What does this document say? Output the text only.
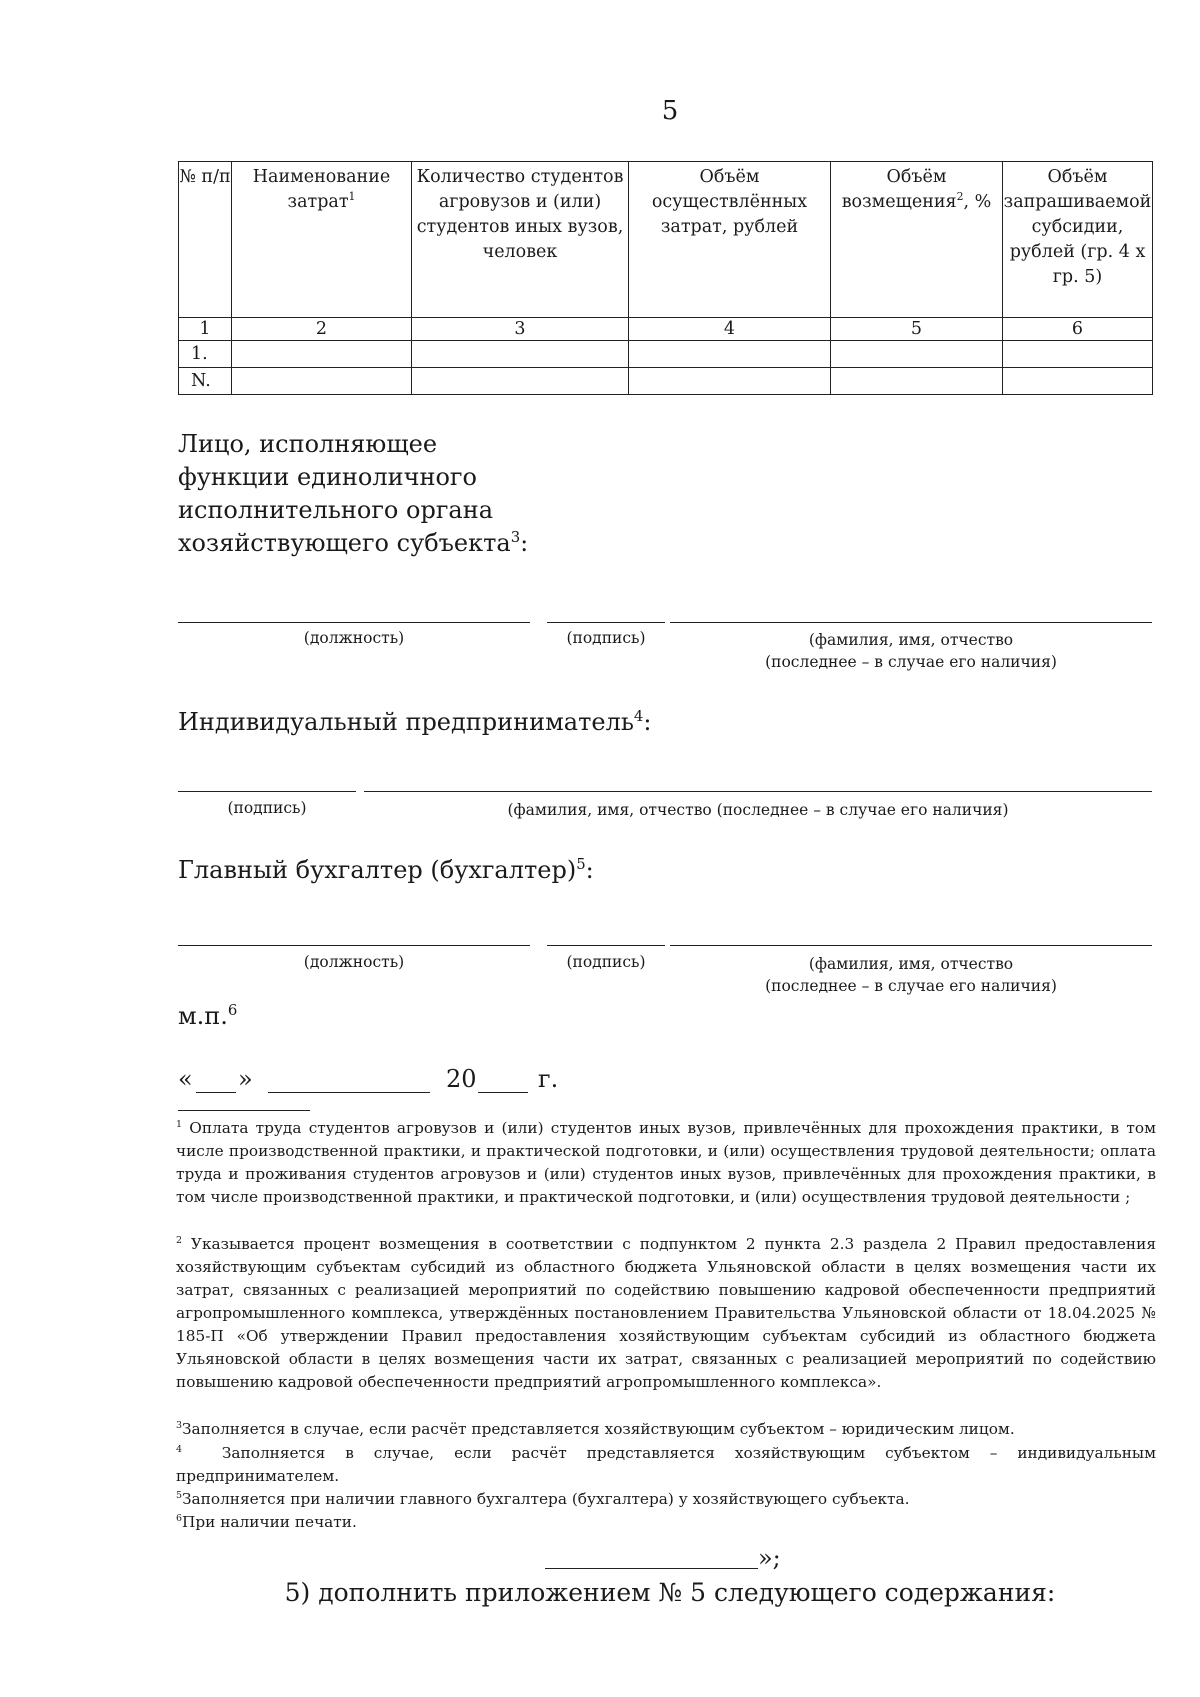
5
№ п/п	Наименование затрат$^1$	Количество студентов агровузов и (или) студентов иных вузов, человек	Объём осуществлённых затрат, рублей	Объём возмещения$^2$, %	Объём запрашиваемой субсидии, рублей (гр. 4 х гр. 5)
1	2	3	4	5	6
1.					
N.					
Лицо, исполняющее
функции единоличного
исполнительного органа
хозяйствующего субъекта$^3$:
(должность)	(подпись)	(фамилия, имя, отчество
(последнее – в случае его наличия)
Индивидуальный предприниматель$^4$:
(подпись)	(фамилия, имя, отчество (последнее – в случае его наличия)
Главный бухгалтер (бухгалтер)$^5$:
(должность)	(подпись)	(фамилия, имя, отчество
(последнее – в случае его наличия)
м.п.$^6$
« »	20	г.
$^1$ Оплата труда студентов агровузов и (или) студентов иных вузов, привлечённых для прохождения практики, в том числе производственной практики, и практической подготовки, и (или) осуществления трудовой деятельности; оплата труда и проживания студентов агровузов и (или) студентов иных вузов, привлечённых для прохождения практики, в том числе производственной практики, и практической подготовки, и (или) осуществления трудовой деятельности ;
$^2$ Указывается процент возмещения в соответствии с подпунктом 2 пункта 2.3 раздела 2 Правил предоставления хозяйствующим субъектам субсидий из областного бюджета Ульяновской области в целях возмещения части их затрат, связанных с реализацией мероприятий по содействию повышению кадровой обеспеченности предприятий агропромышленного комплекса, утверждённых постановлением Правительства Ульяновской области от 18.04.2025 № 185-П «Об утверждении Правил предоставления хозяйствующим субъектам субсидий из областного бюджета Ульяновской области в целях возмещения части их затрат, связанных с реализацией мероприятий по содействию повышению кадровой обеспеченности предприятий агропромышленного комплекса».
$^3$Заполняется в случае, если расчёт представляется хозяйствующим субъектом – юридическим лицом.
$^4$	Заполняется в случае, если расчёт представляется хозяйствующим субъектом – индивидуальным предпринимателем.
$^5$Заполняется при наличии главного бухгалтера (бухгалтера) у хозяйствующего субъекта.
$^6$При наличии печати.
»;
5) дополнить приложением № 5 следующего содержания:
